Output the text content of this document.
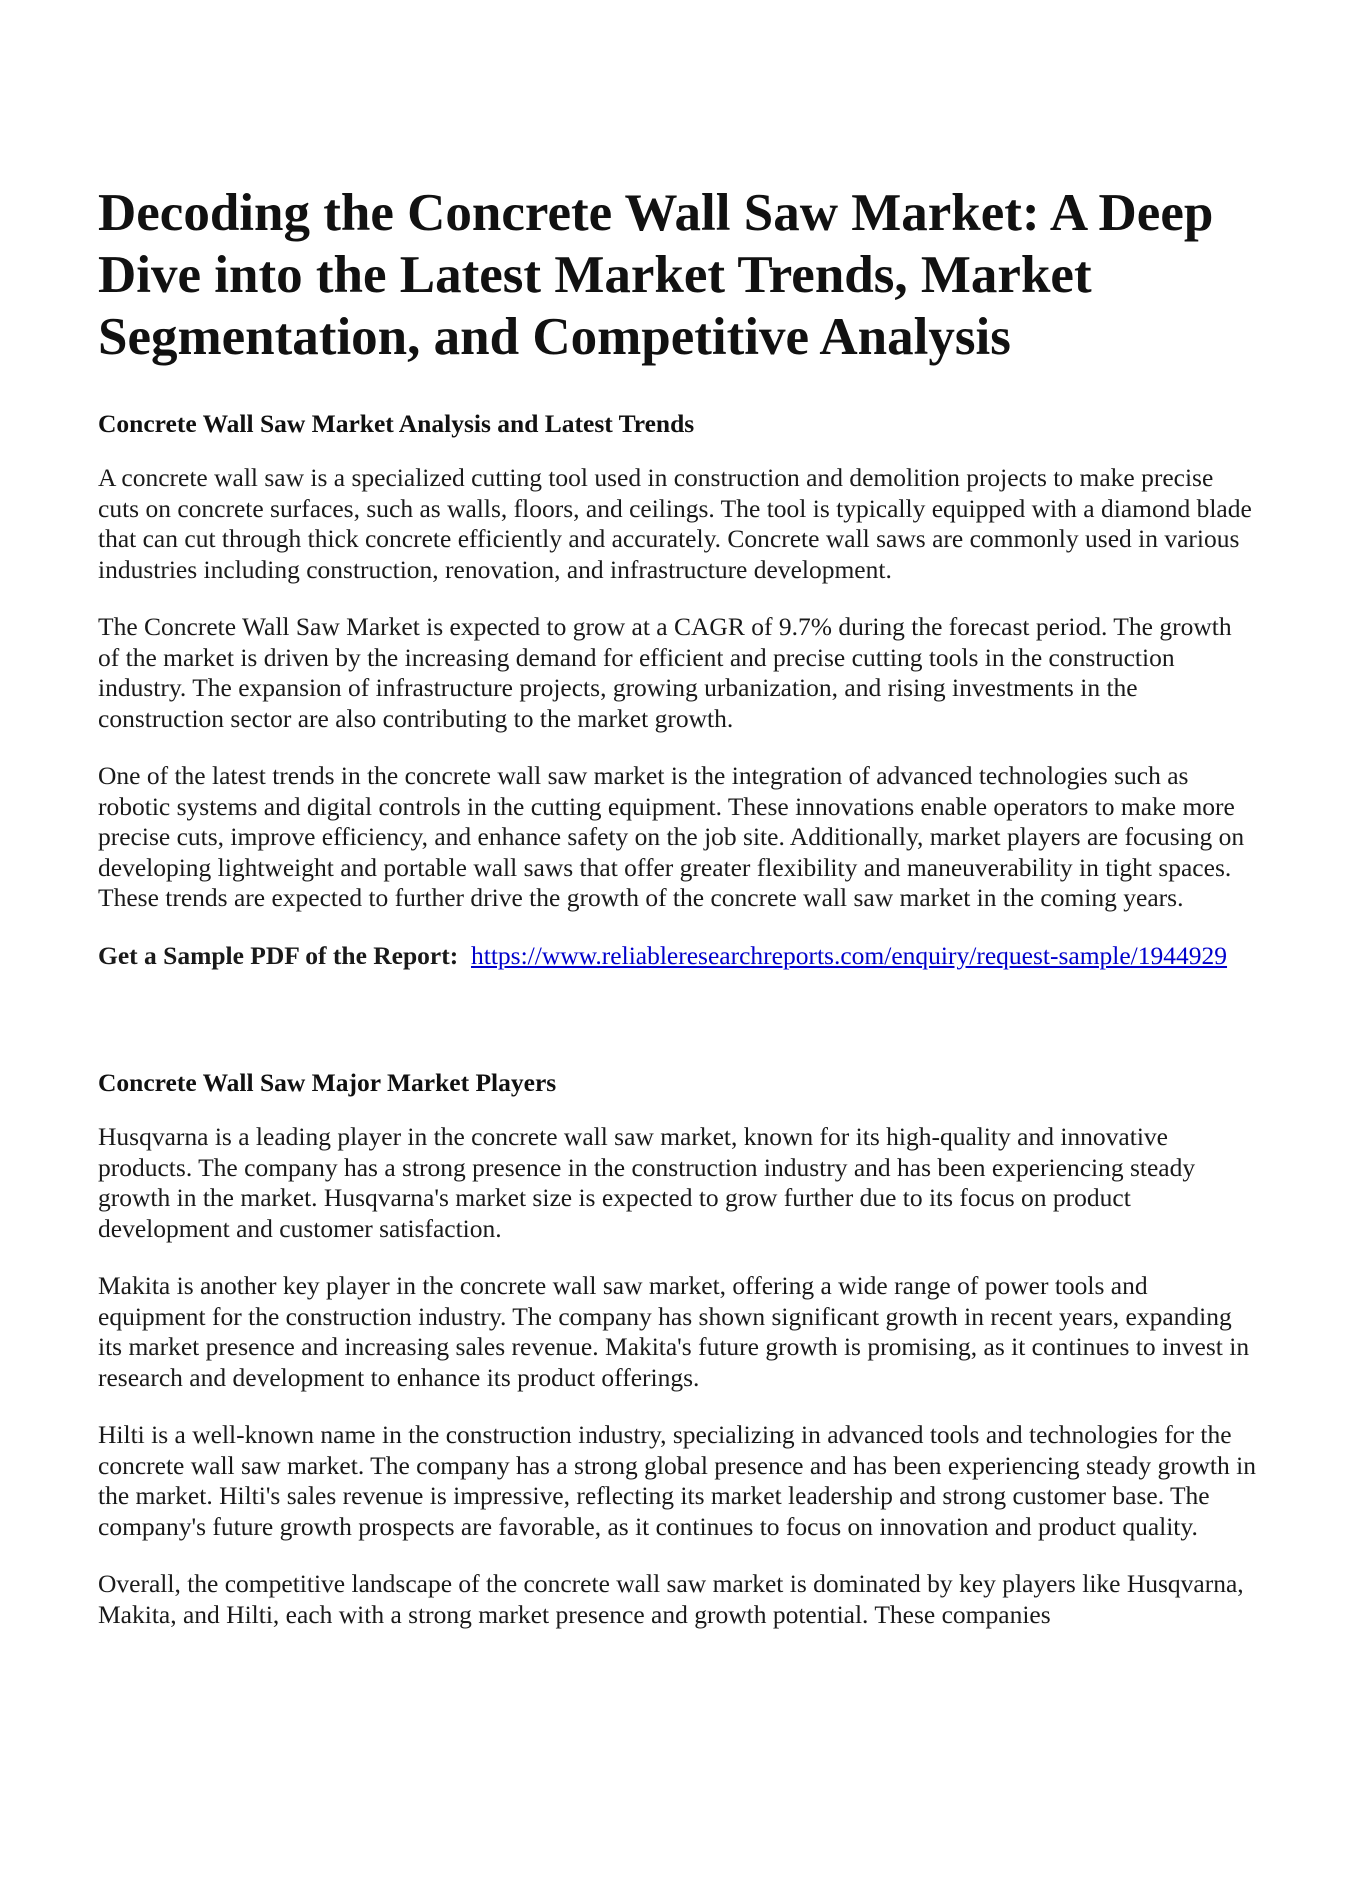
Decoding the Concrete Wall Saw Market: A Deep Dive into the Latest Market Trends, Market Segmentation, and Competitive Analysis
Concrete Wall Saw Market Analysis and Latest Trends

A concrete wall saw is a specialized cutting tool used in construction and demolition projects to make precise cuts on concrete surfaces, such as walls, floors, and ceilings. The tool is typically equipped with a diamond blade that can cut through thick concrete efficiently and accurately. Concrete wall saws are commonly used in various industries including construction, renovation, and infrastructure development.

The Concrete Wall Saw Market is expected to grow at a CAGR of 9.7% during the forecast period. The growth of the market is driven by the increasing demand for efficient and precise cutting tools in the construction industry. The expansion of infrastructure projects, growing urbanization, and rising investments in the construction sector are also contributing to the market growth.

One of the latest trends in the concrete wall saw market is the integration of advanced technologies such as robotic systems and digital controls in the cutting equipment. These innovations enable operators to make more precise cuts, improve efficiency, and enhance safety on the job site. Additionally, market players are focusing on developing lightweight and portable wall saws that offer greater flexibility and maneuverability in tight spaces. These trends are expected to further drive the growth of the concrete wall saw market in the coming years.

Get a Sample PDF of the Report: https://www.reliableresearchreports.com/enquiry/request-sample/1944929

Concrete Wall Saw Major Market Players

Husqvarna is a leading player in the concrete wall saw market, known for its high-quality and innovative products. The company has a strong presence in the construction industry and has been experiencing steady growth in the market. Husqvarna's market size is expected to grow further due to its focus on product development and customer satisfaction.

Makita is another key player in the concrete wall saw market, offering a wide range of power tools and equipment for the construction industry. The company has shown significant growth in recent years, expanding its market presence and increasing sales revenue. Makita's future growth is promising, as it continues to invest in research and development to enhance its product offerings.

Hilti is a well-known name in the construction industry, specializing in advanced tools and technologies for the concrete wall saw market. The company has a strong global presence and has been experiencing steady growth in the market. Hilti's sales revenue is impressive, reflecting its market leadership and strong customer base. The company's future growth prospects are favorable, as it continues to focus on innovation and product quality.

Overall, the competitive landscape of the concrete wall saw market is dominated by key players like Husqvarna, Makita, and Hilti, each with a strong market presence and growth potential. These companies
